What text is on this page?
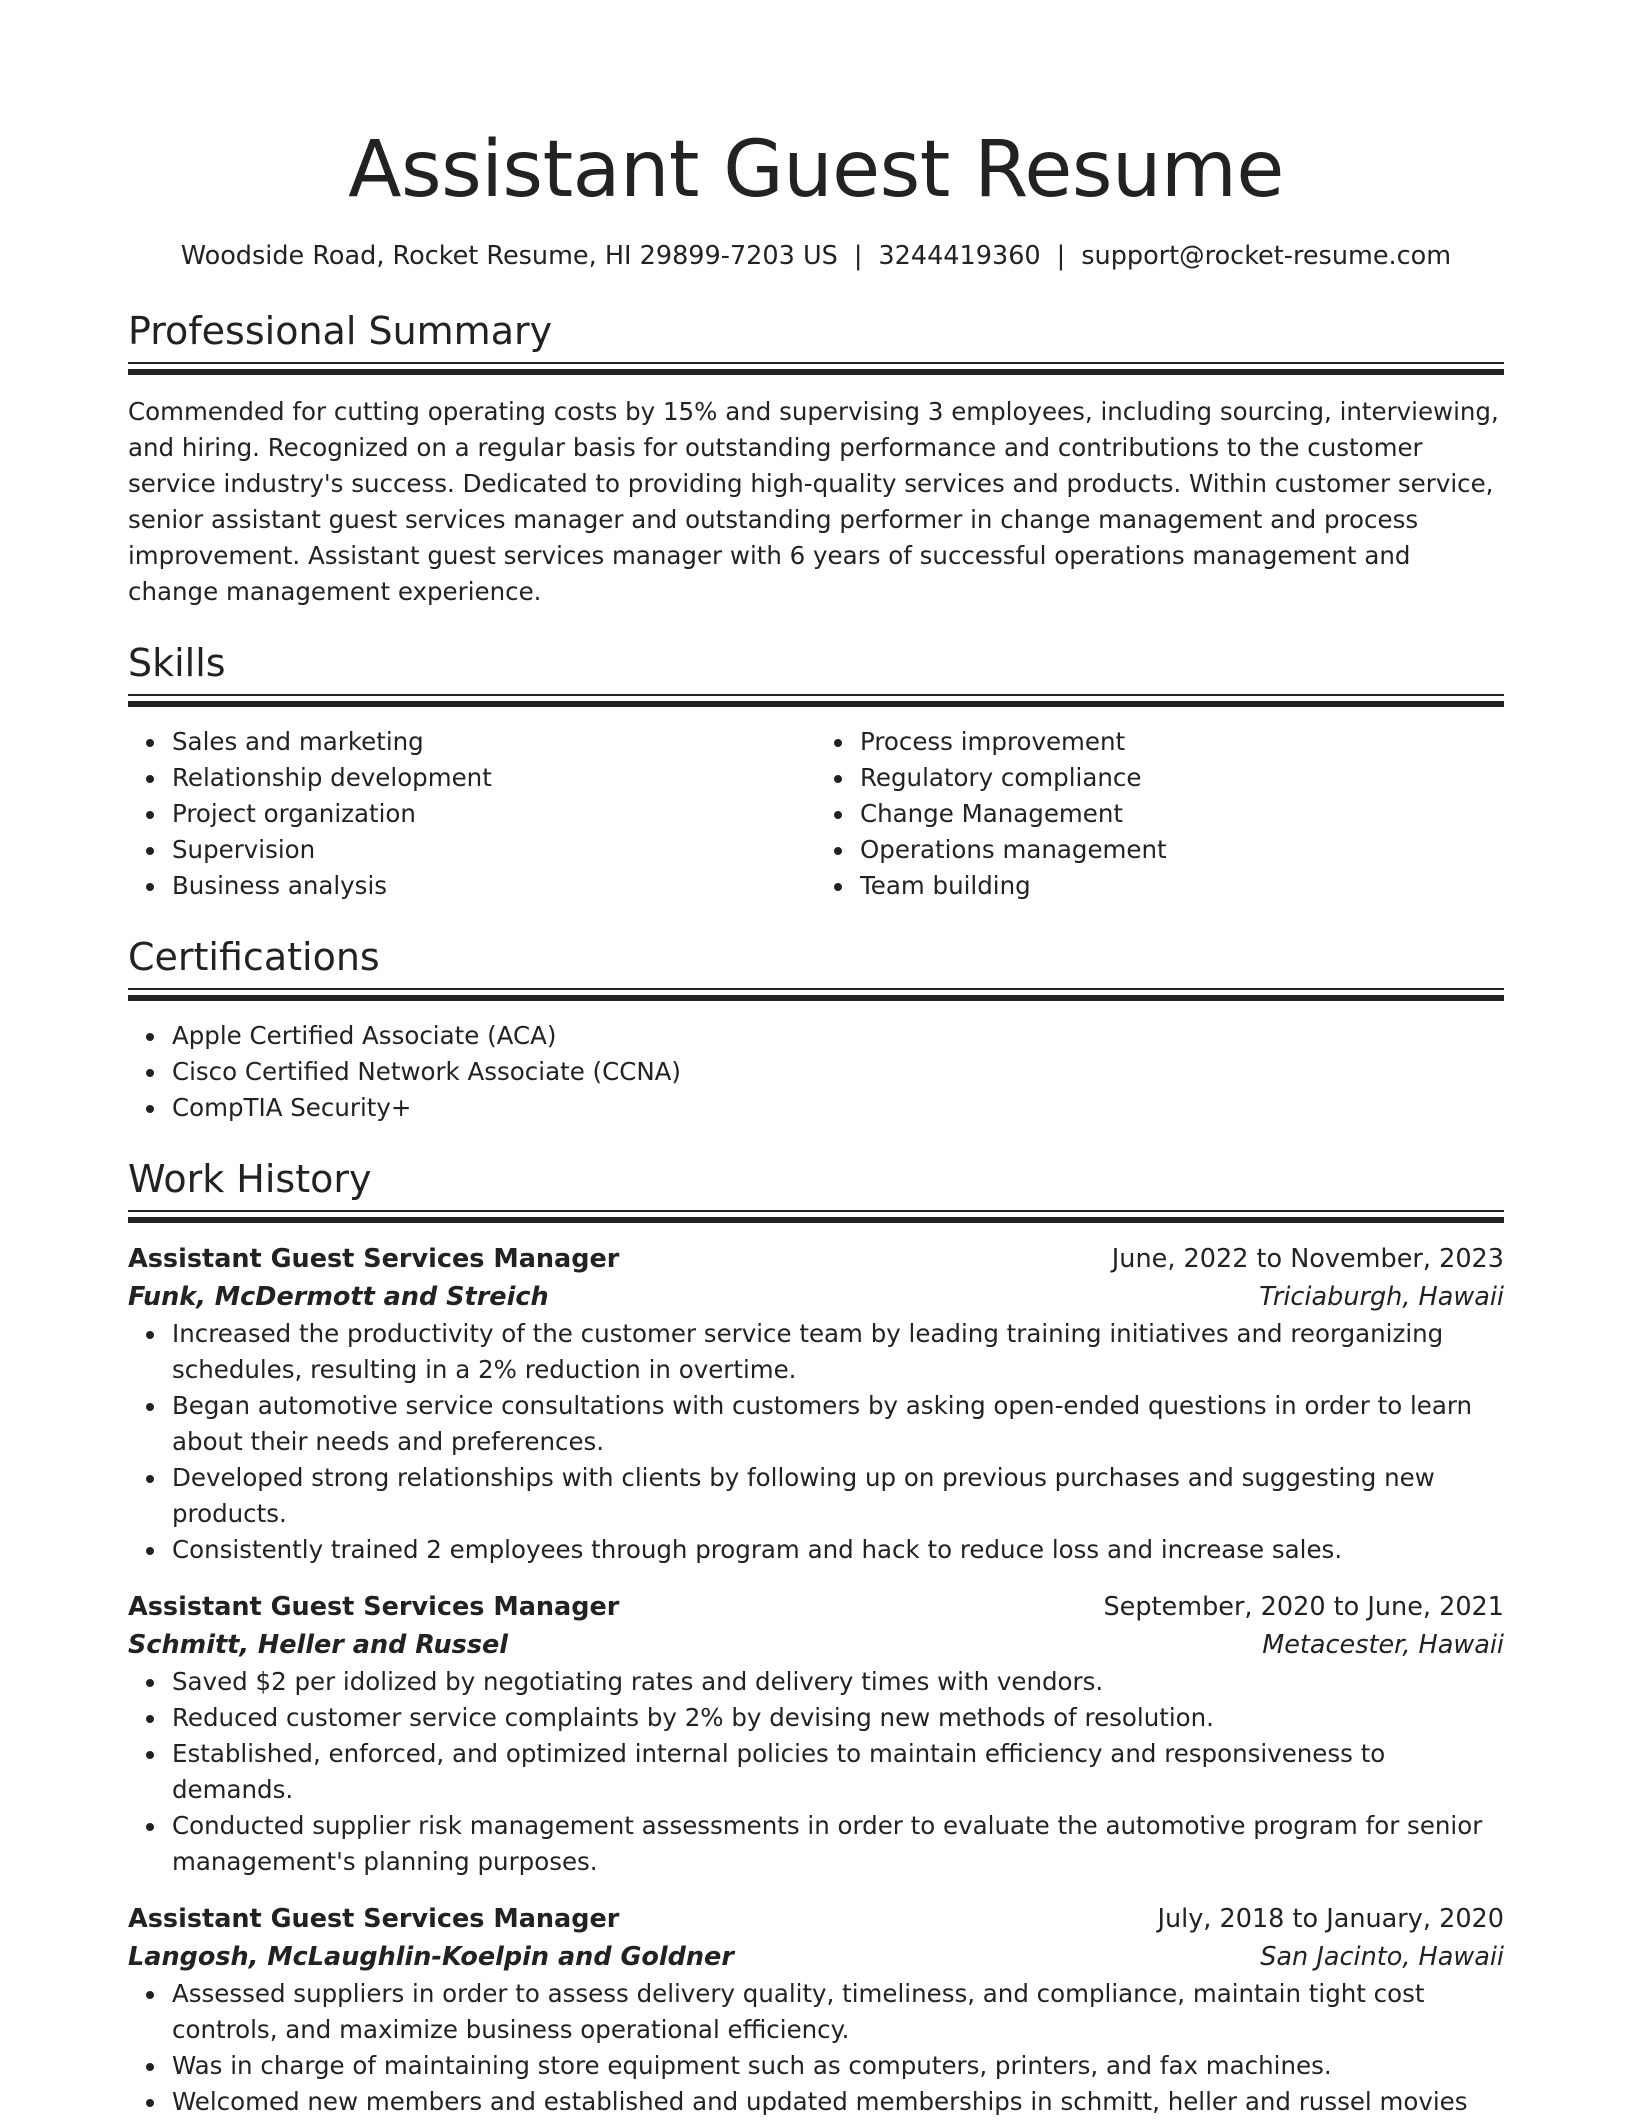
Assistant Guest Resume
Woodside Road, Rocket Resume, HI 29899-7203 US | 3244419360 | support@rocket-resume.com
Professional Summary

Commended for cutting operating costs by 15% and supervising 3 employees, including sourcing, interviewing, and hiring. Recognized on a regular basis for outstanding performance and contributions to the customer service industry's success. Dedicated to providing high-quality services and products. Within customer service, senior assistant guest services manager and outstanding performer in change management and process improvement. Assistant guest services manager with 6 years of successful operations management and change management experience.

Skills
Sales and marketing
Relationship development
Project organization
Supervision
Business analysis
Process improvement
Regulatory compliance
Change Management
Operations management
Team building
Certifications
Apple Certified Associate (ACA)
Cisco Certified Network Associate (CCNA)
CompTIA Security+
Work History
Assistant Guest Services Manager	June, 2022 to November, 2023
Funk, McDermott and Streich	Triciaburgh, Hawaii
Increased the productivity of the customer service team by leading training initiatives and reorganizing schedules, resulting in a 2% reduction in overtime.
Began automotive service consultations with customers by asking open-ended questions in order to learn about their needs and preferences.
Developed strong relationships with clients by following up on previous purchases and suggesting new products.
Consistently trained 2 employees through program and hack to reduce loss and increase sales.
Assistant Guest Services Manager	September, 2020 to June, 2021
Schmitt, Heller and Russel	Metacester, Hawaii
Saved $2 per idolized by negotiating rates and delivery times with vendors.
Reduced customer service complaints by 2% by devising new methods of resolution.
Established, enforced, and optimized internal policies to maintain efficiency and responsiveness to demands.
Conducted supplier risk management assessments in order to evaluate the automotive program for senior management's planning purposes.
Assistant Guest Services Manager	July, 2018 to January, 2020
Langosh, McLaughlin-Koelpin and Goldner	San Jacinto, Hawaii
Assessed suppliers in order to assess delivery quality, timeliness, and compliance, maintain tight cost controls, and maximize business operational efficiency.
Was in charge of maintaining store equipment such as computers, printers, and fax machines.
Welcomed new members and established and updated memberships in schmitt, heller and russel movies
